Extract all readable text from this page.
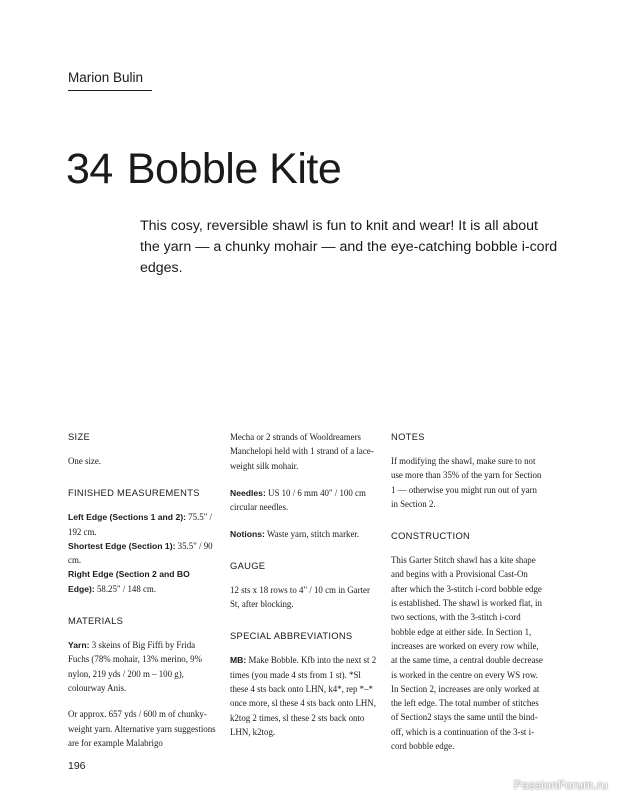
Marion Bulin
34 Bobble Kite
This cosy, reversible shawl is fun to knit and wear! It is all about the yarn — a chunky mohair — and the eye-catching bobble i-cord edges.

SIZE

One size.

FINISHED MEASUREMENTS

Left Edge (Sections 1 and 2): 75.5" / 192 cm.

Shortest Edge (Section 1): 35.5" / 90 cm.

Right Edge (Section 2 and BO Edge): 58.25" / 148 cm.

MATERIALS

Yarn: 3 skeins of Big Fiffi by Frida Fuchs (78% mohair, 13% merino, 9% nylon, 219 yds / 200 m – 100 g), colourway Anis.

Or approx. 657 yds / 600 m of chunky-weight yarn. Alternative yarn suggestions are for example Malabrigo

Needles: US 10 / 6 mm 40" / 100 cm circular needles.

Notions: Waste yarn, stitch marker.

GAUGE

12 sts x 18 rows to 4" / 10 cm in Garter St, after blocking.

SPECIAL ABBREVIATIONS

MB: Make Bobble. Kfb into the next st 2 times (you made 4 sts from 1 st). *Sl these 4 sts back onto LHN, k4*, rep *–* once more, sl these 4 sts back onto LHN, k2tog 2 times, sl these 2 sts back onto LHN, k2tog.

Mecha or 2 strands of Wooldreamers Manchelopi held with 1 strand of a lace-weight silk mohair.

NOTES

If modifying the shawl, make sure to not use more than 35% of the yarn for Section 1 — otherwise you might run out of yarn in Section 2.

CONSTRUCTION

This Garter Stitch shawl has a kite shape and begins with a Provisional Cast-On after which the 3-stitch i-cord bobble edge is established. The shawl is worked flat, in two sections, with the 3-stitch i-cord bobble edge at either side. In Section 1, increases are worked on every row while, at the same time, a central double decrease is worked in the centre on every WS row. In Section 2, increases are only worked at the left edge. The total number of stitches of Section2 stays the same until the bind-off, which is a continuation of the 3-st i-cord bobble edge.

196
PassionForum.ru
